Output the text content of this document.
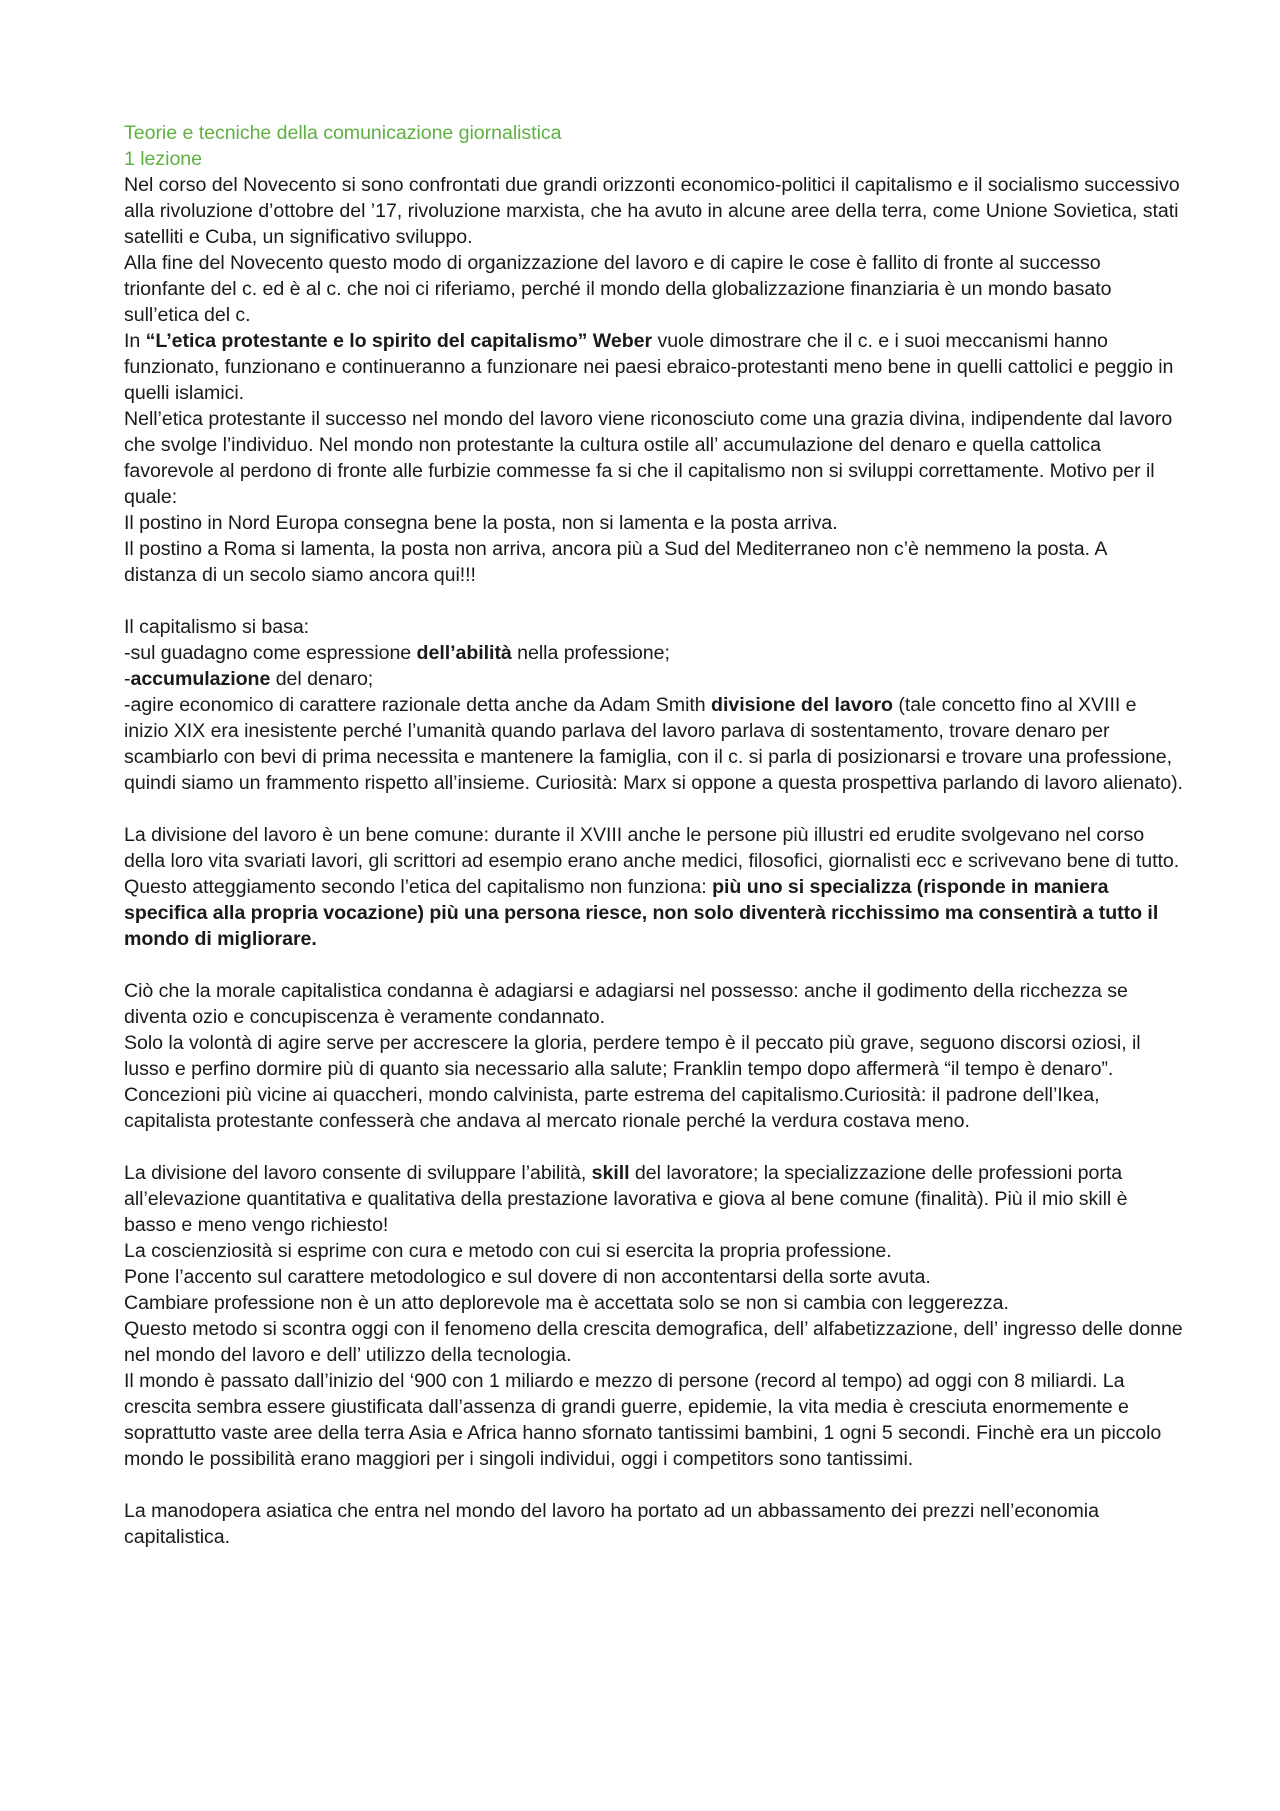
Teorie e tecniche della comunicazione giornalistica

1 lezione

Nel corso del Novecento si sono confrontati due grandi orizzonti economico-politici il capitalismo e il socialismo successivo alla rivoluzione d’ottobre del ’17, rivoluzione marxista, che ha avuto in alcune aree della terra, come Unione Sovietica, stati satelliti e Cuba, un significativo sviluppo.

Alla fine del Novecento questo modo di organizzazione del lavoro e di capire le cose è fallito di fronte al successo trionfante del c. ed è al c. che noi ci riferiamo, perché il mondo della globalizzazione finanziaria è un mondo basato sull’etica del c.

In “L’etica protestante e lo spirito del capitalismo” Weber vuole dimostrare che il c. e i suoi meccanismi hanno funzionato, funzionano e continueranno a funzionare nei paesi ebraico-protestanti meno bene in quelli cattolici e peggio in quelli islamici.

Nell’etica protestante il successo nel mondo del lavoro viene riconosciuto come una grazia divina, indipendente dal lavoro che svolge l’individuo. Nel mondo non protestante la cultura ostile all’ accumulazione del denaro e quella cattolica favorevole al perdono di fronte alle furbizie commesse fa si che il capitalismo non si sviluppi correttamente. Motivo per il quale:

Il postino in Nord Europa consegna bene la posta, non si lamenta e la posta arriva.

Il postino a Roma si lamenta, la posta non arriva, ancora più a Sud del Mediterraneo non c’è nemmeno la posta. A distanza di un secolo siamo ancora qui!!!

Il capitalismo si basa:

-sul guadagno come espressione dell’abilità nella professione;

-accumulazione del denaro;

-agire economico di carattere razionale detta anche da Adam Smith divisione del lavoro (tale concetto fino al XVIII e inizio XIX era inesistente perché l’umanità quando parlava del lavoro parlava di sostentamento, trovare denaro per scambiarlo con bevi di prima necessita e mantenere la famiglia, con il c. si parla di posizionarsi e trovare una professione, quindi siamo un frammento rispetto all’insieme. Curiosità: Marx si oppone a questa prospettiva parlando di lavoro alienato).

La divisione del lavoro è un bene comune: durante il XVIII anche le persone più illustri ed erudite svolgevano nel corso della loro vita svariati lavori, gli scrittori ad esempio erano anche medici, filosofici, giornalisti ecc e scrivevano bene di tutto. Questo atteggiamento secondo l’etica del capitalismo non funziona: più uno si specializza (risponde in maniera specifica alla propria vocazione) più una persona riesce, non solo diventerà ricchissimo ma consentirà a tutto il mondo di migliorare.

Ciò che la morale capitalistica condanna è adagiarsi e adagiarsi nel possesso: anche il godimento della ricchezza se diventa ozio e concupiscenza è veramente condannato.

Solo la volontà di agire serve per accrescere la gloria, perdere tempo è il peccato più grave, seguono discorsi oziosi, il lusso e perfino dormire più di quanto sia necessario alla salute; Franklin tempo dopo affermerà “il tempo è denaro”. Concezioni più vicine ai quaccheri, mondo calvinista, parte estrema del capitalismo.Curiosità: il padrone dell’Ikea, capitalista protestante confesserà che andava al mercato rionale perché la verdura costava meno.

La divisione del lavoro consente di sviluppare l’abilità, skill del lavoratore; la specializzazione delle professioni porta all’elevazione quantitativa e qualitativa della prestazione lavorativa e giova al bene comune (finalità). Più il mio skill è basso e meno vengo richiesto!

La coscienziosità si esprime con cura e metodo con cui si esercita la propria professione.

Pone l’accento sul carattere metodologico e sul dovere di non accontentarsi della sorte avuta.

Cambiare professione non è un atto deplorevole ma è accettata solo se non si cambia con leggerezza.

Questo metodo si scontra oggi con il fenomeno della crescita demografica, dell’ alfabetizzazione, dell’ ingresso delle donne nel mondo del lavoro e dell’ utilizzo della tecnologia.

Il mondo è passato dall’inizio del ‘900 con 1 miliardo e mezzo di persone (record al tempo) ad oggi con 8 miliardi. La crescita sembra essere giustificata dall’assenza di grandi guerre, epidemie, la vita media è cresciuta enormemente e soprattutto vaste aree della terra Asia e Africa hanno sfornato tantissimi bambini, 1 ogni 5 secondi. Finchè era un piccolo mondo le possibilità erano maggiori per i singoli individui, oggi i competitors sono tantissimi.

La manodopera asiatica che entra nel mondo del lavoro ha portato ad un abbassamento dei prezzi nell’economia capitalistica.
